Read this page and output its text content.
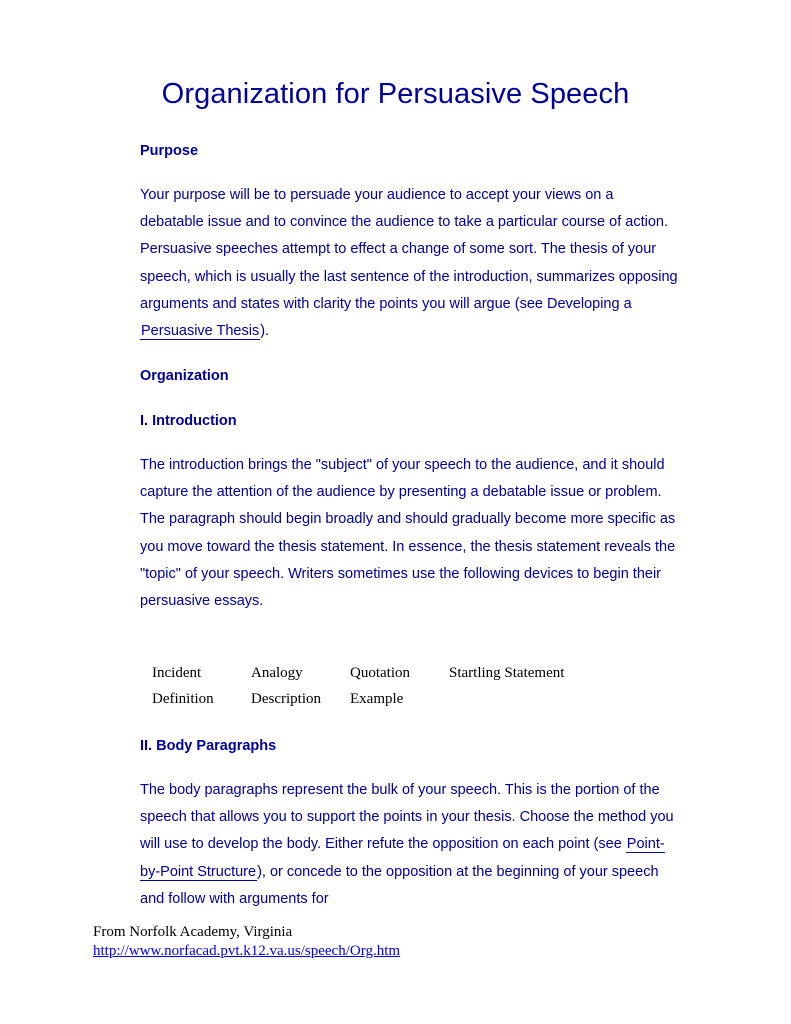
Organization for Persuasive Speech
Purpose

Your purpose will be to persuade your audience to accept your views on a debatable issue and to convince the audience to take a particular course of action. Persuasive speeches attempt to effect a change of some sort. The thesis of your speech, which is usually the last sentence of the introduction, summarizes opposing arguments and states with clarity the points you will argue (see Developing a Persuasive Thesis).

Organization
I. Introduction

The introduction brings the "subject" of your speech to the audience, and it should capture the attention of the audience by presenting a debatable issue or problem. The paragraph should begin broadly and should gradually become more specific as you move toward the thesis statement. In essence, the thesis statement reveals the "topic" of your speech. Writers sometimes use the following devices to begin their persuasive essays.

Incident	Analogy	Quotation	Startling Statement
Definition	Description	Example
II. Body Paragraphs

The body paragraphs represent the bulk of your speech. This is the portion of the speech that allows you to support the points in your thesis. Choose the method you will use to develop the body. Either refute the opposition on each point (see Point-by-Point Structure), or concede to the opposition at the beginning of your speech and follow with arguments for

From Norfolk Academy, Virginia
http://www.norfacad.pvt.k12.va.us/speech/Org.htm
